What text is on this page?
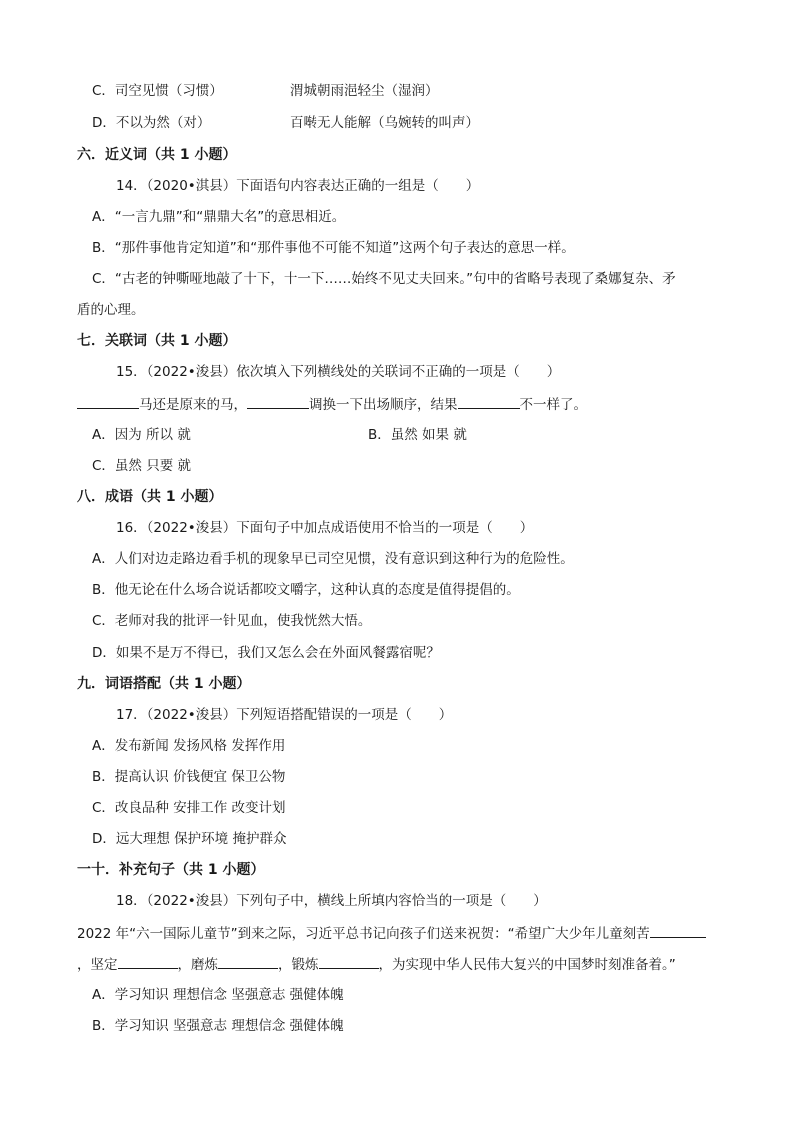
C．司空见惯（习惯）	渭城朝雨浥轻尘（湿润）
D．不以为然（对）	百啭无人能解（乌婉转的叫声）
六．近义词（共 1 小题）
14．（2020•淇县）下面语句内容表达正确的一组是（　　）
A．“一言九鼎”和“鼎鼎大名”的意思相近。
B．“那件事他肯定知道”和“那件事他不可能不知道”这两个句子表达的意思一样。
C．“古老的钟嘶哑地敲了十下，十一下……始终不见丈夫回来。”句中的省略号表现了桑娜复杂、矛
盾的心理。
七．关联词（共 1 小题）
15．（2022•浚县）依次填入下列横线处的关联词不正确的一项是（　　）
马还是原来的马，	调换一下出场顺序，结果	不一样了。
A．因为 所以 就	B．虽然 如果 就
C．虽然 只要 就
八．成语（共 1 小题）
16．（2022•浚县）下面句子中加点成语使用不恰当的一项是（　　）
A．人们对边走路边看手机的现象早已司空见惯，没有意识到这种行为的危险性。
B．他无论在什么场合说话都咬文嚼字，这种认真的态度是值得提倡的。
C．老师对我的批评一针见血，使我恍然大悟。
D．如果不是万不得已，我们又怎么会在外面风餐露宿呢？
九．词语搭配（共 1 小题）
17．（2022•浚县）下列短语搭配错误的一项是（　　）
A．发布新闻 发扬风格 发挥作用
B．提高认识 价钱便宜 保卫公物
C．改良品种 安排工作 改变计划
D．远大理想 保护环境 掩护群众
一十．补充句子（共 1 小题）
18．（2022•浚县）下列句子中，横线上所填内容恰当的一项是（　　）
2022 年“六一国际儿童节”到来之际，习近平总书记向孩子们送来祝贺：“希望广大少年儿童刻苦
，坚定	，磨炼	，锻炼	，为实现中华人民伟大复兴的中国梦时刻准备着。”
A．学习知识 理想信念 坚强意志 强健体魄
B．学习知识 坚强意志 理想信念 强健体魄
